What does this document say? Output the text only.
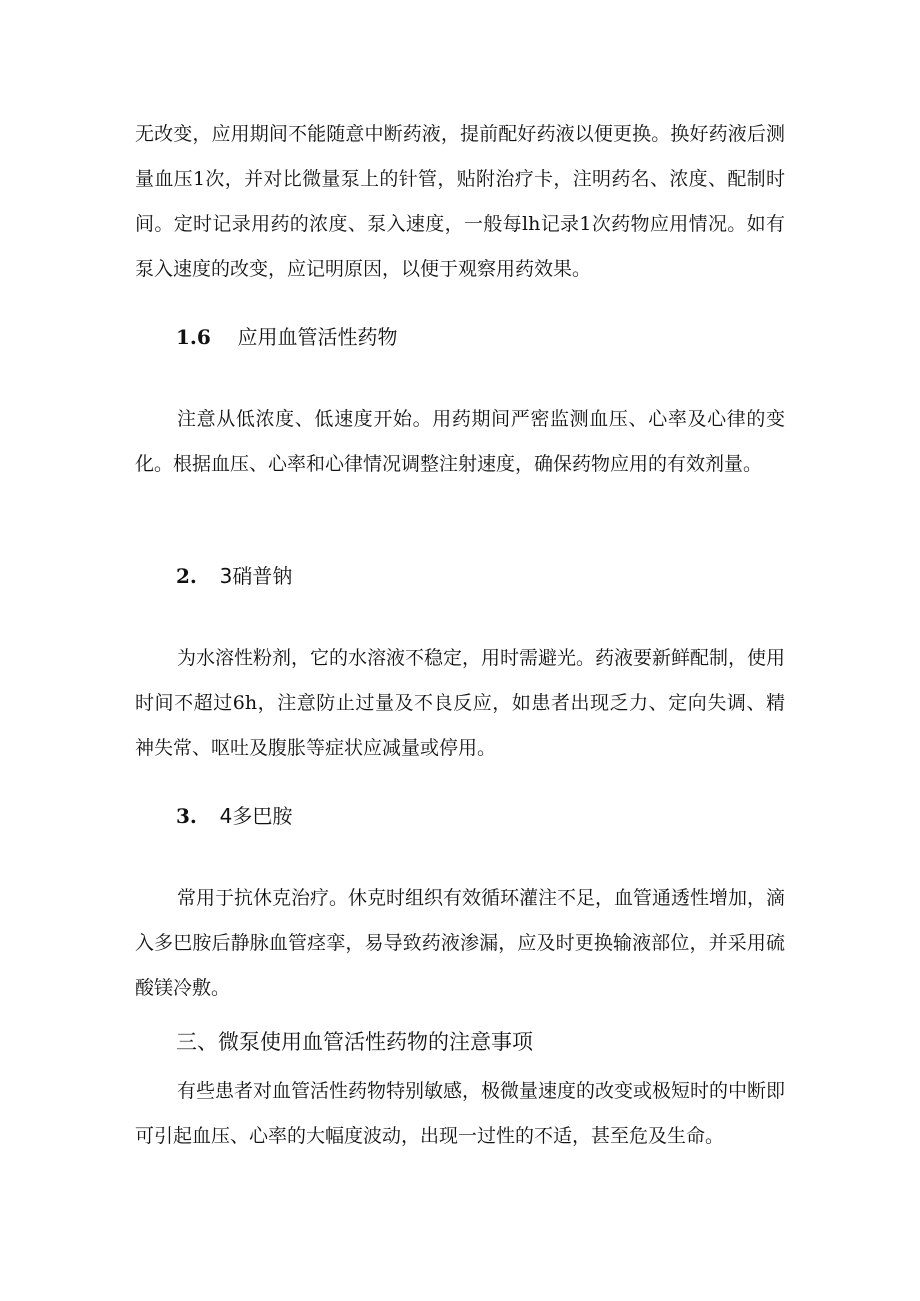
无改变，应用期间不能随意中断药液，提前配好药液以便更换。换好药液后测量血压1次，并对比微量泵上的针管，贴附治疗卡，注明药名、浓度、配制时间。定时记录用药的浓度、泵入速度，一般每lh记录1次药物应用情况。如有泵入速度的改变，应记明原因，以便于观察用药效果。

1.6 应用血管活性药物

注意从低浓度、低速度开始。用药期间严密监测血压、心率及心律的变化。根据血压、心率和心律情况调整注射速度，确保药物应用的有效剂量。

2. 3硝普钠

为水溶性粉剂，它的水溶液不稳定，用时需避光。药液要新鲜配制，使用时间不超过6h，注意防止过量及不良反应，如患者出现乏力、定向失调、精神失常、呕吐及腹胀等症状应减量或停用。

3. 4多巴胺

常用于抗休克治疗。休克时组织有效循环灌注不足，血管通透性增加，滴入多巴胺后静脉血管痉挛，易导致药液渗漏，应及时更换输液部位，并采用硫酸镁冷敷。

三、微泵使用血管活性药物的注意事项

有些患者对血管活性药物特别敏感，极微量速度的改变或极短时的中断即可引起血压、心率的大幅度波动，出现一过性的不适，甚至危及生命。
